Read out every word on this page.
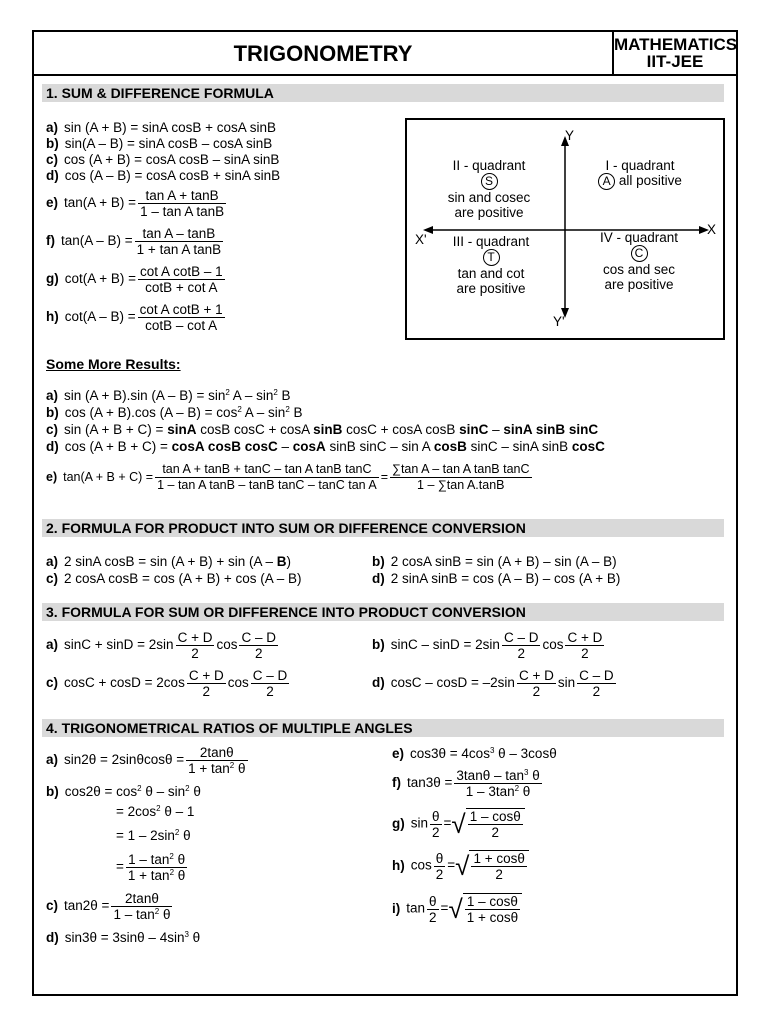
TRIGONOMETRY	MATHEMATICS
IIT-JEE
1. SUM & DIFFERENCE FORMULA
a) sin (A + B) = sinA cosB + cosA sinB
b) sin(A – B) = sinA cosB – cosA sinB
c) cos (A + B) = cosA cosB – sinA sinB
d) cos (A – B) = cosA cosB + sinA sinB
e) $\tan(A + B) = \frac{\text{tan A + tanB}}{\text{1 – tan A tanB}}$
f) $\tan(A - B) = \frac{\text{tan A – tanB}}{\text{1 + tan A tanB}}$
g) $\cot(A + B) = \frac{\text{cot A cotB – 1}}{\text{cotB + cot A}}$
h) $\cot(A - B) = \frac{\text{cot A cotB + 1}}{\text{cotB – cot A}}$
Y
X
X'
Y'
II - quadrant
S
sin and cosec
are positive
I - quadrant
A all positive
III - quadrant
T
tan and cot
are positive
IV - quadrant
C
cos and sec
are positive
Some More Results:
a) sin (A + B).sin $(A - B) = \sin^2 A - \sin^2 B$
b) cos (A + B).cos $(A - B) = \cos^2 A - \sin^2 B$
c) sin (A + B + C) = sinA cosB cosC + cosA sinB cosC + cosA cosB sinC – sinA sinB sinC
d) cos (A + B + C) = cosA cosB cosC – cosA sinB sinC – sin A cosB sinC – sinA sinB cosC
e) $\tan(A + B + C) = \frac{\text{tan A + tanB + tanC – tan A tanB tanC}}{\text{1 – tan A tanB – tanB tanC – tanC tan A}} = \frac{\text{∑tan A – tan A tanB tanC}}{\text{1 – ∑tan A.tanB}}$
2. FORMULA FOR PRODUCT INTO SUM OR DIFFERENCE CONVERSION
a) 2 sinA cosB = sin (A + B) + sin (A – B)	b) 2 cosA sinB = sin (A + B) – sin (A – B)
c) 2 cosA cosB = cos (A + B) + cos (A – B)	d) 2 sinA sinB = cos (A – B) – cos (A + B)
3. FORMULA FOR SUM OR DIFFERENCE INTO PRODUCT CONVERSION
a) $\sin C + \sin D = 2\sin \frac{C + D}{2}$ $\cos \frac{C - D}{2}$	b) $\sin C - \sin D = 2\sin \frac{C - D}{2}$ $\cos \frac{C + D}{2}$
c) $\cos C + \cos D = 2\cos \frac{C + D}{2}$ $\cos \frac{C - D}{2}$	d) $\cos C - \cos D = -2\sin \frac{C + D}{2}$ $\sin \frac{C - D}{2}$
4. TRIGONOMETRICAL RATIOS OF MULTIPLE ANGLES
a) $\sin 2\theta = 2\sin\theta\cos\theta = \frac{2\tan\theta}{1 + \tan^2 \theta}$
b) $\cos 2\theta = \cos^2 \theta - \sin^2 \theta$
= $2\cos^2$ θ – 1
= $1 - 2\sin^2$ θ
= $\frac{1 - \tan^2 \theta}{1 + \tan^2 \theta}$
c) $\tan 2\theta = \frac{2\tan\theta}{1 - \tan^2 \theta}$
d) $\sin 3\theta = 3\sin\theta - 4\sin^3$ θ
e) $\cos 3\theta = 4\cos^3$ θ – 3cosθ
f) $\tan 3\theta = \frac{3\tan\theta - \tan^3 \theta}{1 - 3\tan^2 \theta}$
g) $\sin \frac{\theta}{2}$ =√ $\frac{1 - \cos\theta}{2}$
h) $\cos \frac{\theta}{2}$ =√ $\frac{1 + \cos\theta}{2}$
i) $\tan \frac{\theta}{2}$ =√ $\frac{1 - \cos\theta}{1 + \cos\theta}$
